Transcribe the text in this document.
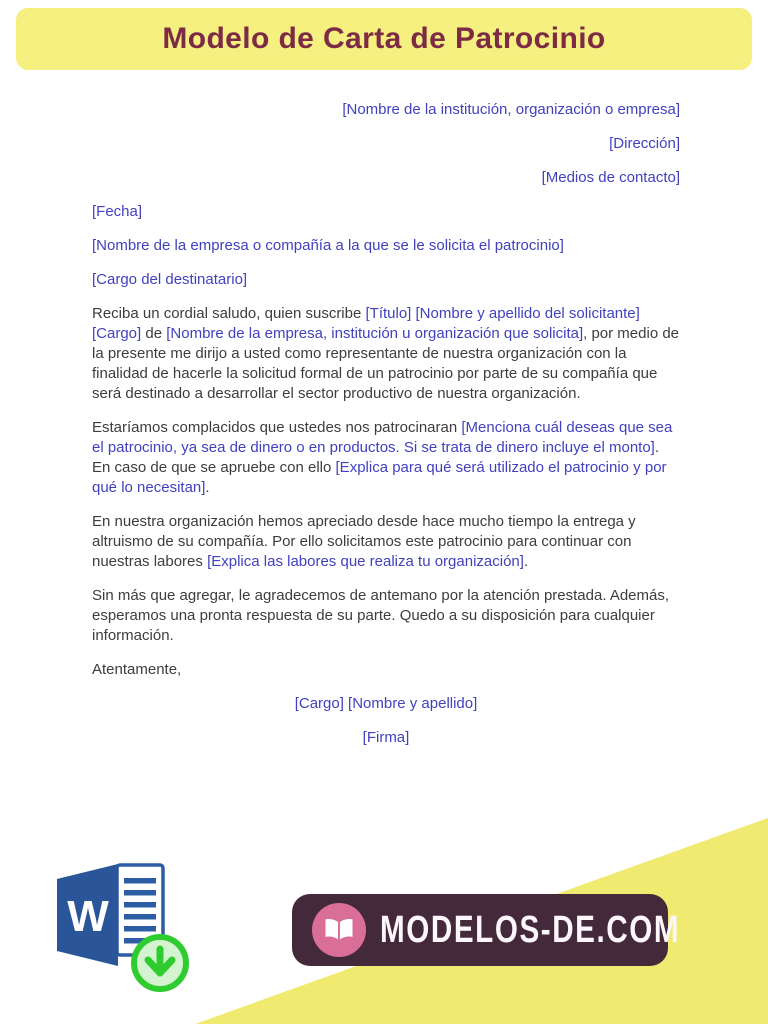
Modelo de Carta de Patrocinio

[Nombre de la institución, organización o empresa]

[Dirección]

[Medios de contacto]

[Fecha]

[Nombre de la empresa o compañía a la que se le solicita el patrocinio]

[Cargo del destinatario]

Reciba un cordial saludo, quien suscribe [Título] [Nombre y apellido del solicitante] [Cargo] de [Nombre de la empresa, institución u organización que solicita], por medio de la presente me dirijo a usted como representante de nuestra organización con la finalidad de hacerle la solicitud formal de un patrocinio por parte de su compañía que será destinado a desarrollar el sector productivo de nuestra organización.

Estaríamos complacidos que ustedes nos patrocinaran [Menciona cuál deseas que sea el patrocinio, ya sea de dinero o en productos. Si se trata de dinero incluye el monto]. En caso de que se apruebe con ello [Explica para qué será utilizado el patrocinio y por qué lo necesitan].

En nuestra organización hemos apreciado desde hace mucho tiempo la entrega y altruismo de su compañía. Por ello solicitamos este patrocinio para continuar con nuestras labores [Explica las labores que realiza tu organización].

Sin más que agregar, le agradecemos de antemano por la atención prestada. Además, esperamos una pronta respuesta de su parte. Quedo a su disposición para cualquier información.

Atentamente,

[Cargo] [Nombre y apellido]

[Firma]

W	MODELOS-DE.COM
